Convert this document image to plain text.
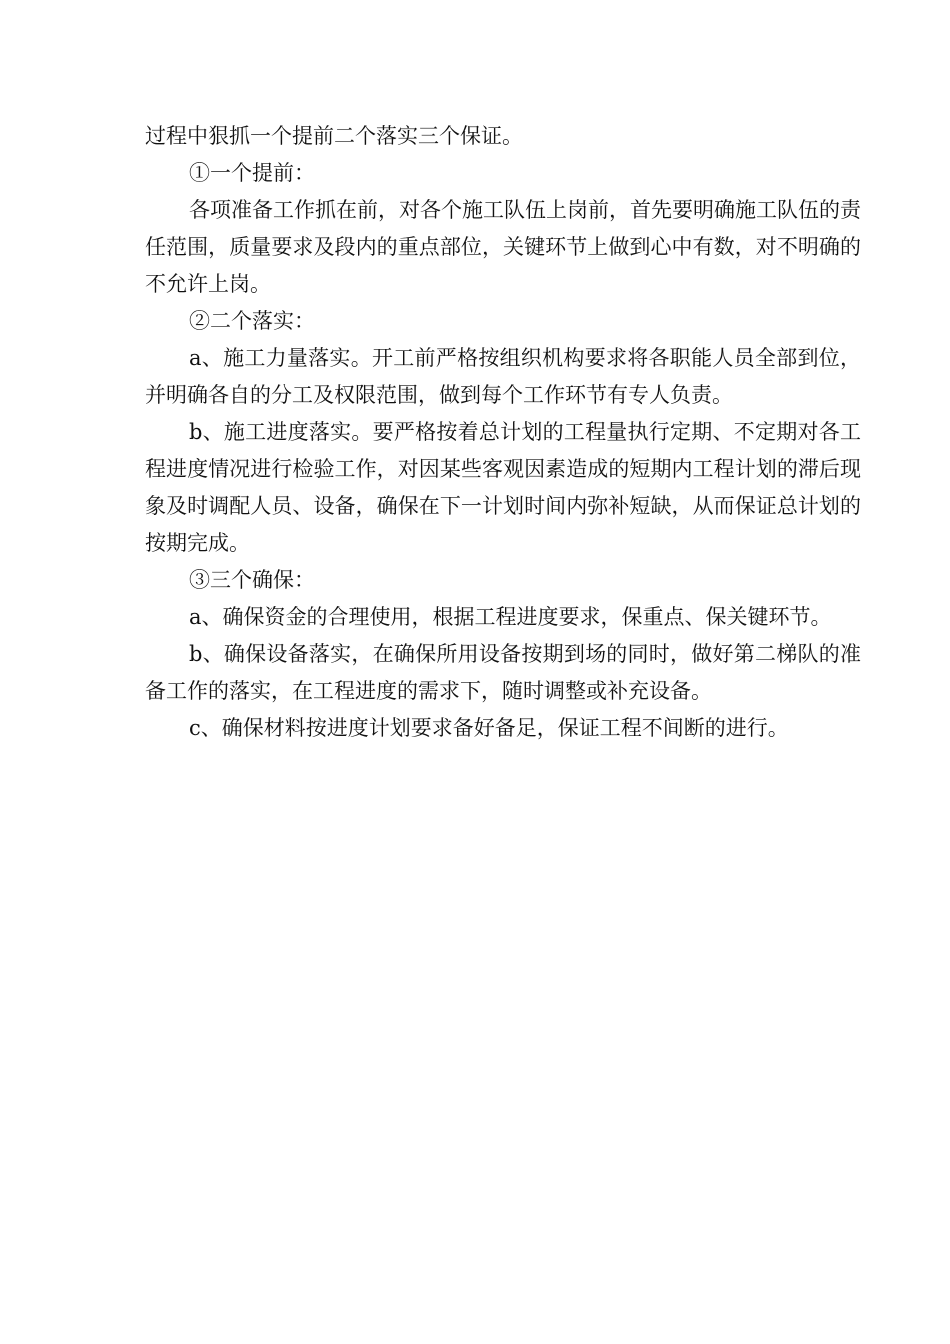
过程中狠抓一个提前二个落实三个保证。

①一个提前：

各项准备工作抓在前，对各个施工队伍上岗前，首先要明确施工队伍的责任范围，质量要求及段内的重点部位，关键环节上做到心中有数，对不明确的不允许上岗。

②二个落实：

a、施工力量落实。开工前严格按组织机构要求将各职能人员全部到位，并明确各自的分工及权限范围，做到每个工作环节有专人负责。

b、施工进度落实。要严格按着总计划的工程量执行定期、不定期对各工程进度情况进行检验工作，对因某些客观因素造成的短期内工程计划的滞后现象及时调配人员、设备，确保在下一计划时间内弥补短缺，从而保证总计划的按期完成。

③三个确保：

a、确保资金的合理使用，根据工程进度要求，保重点、保关键环节。

b、确保设备落实，在确保所用设备按期到场的同时，做好第二梯队的准备工作的落实，在工程进度的需求下，随时调整或补充设备。

c、确保材料按进度计划要求备好备足，保证工程不间断的进行。
